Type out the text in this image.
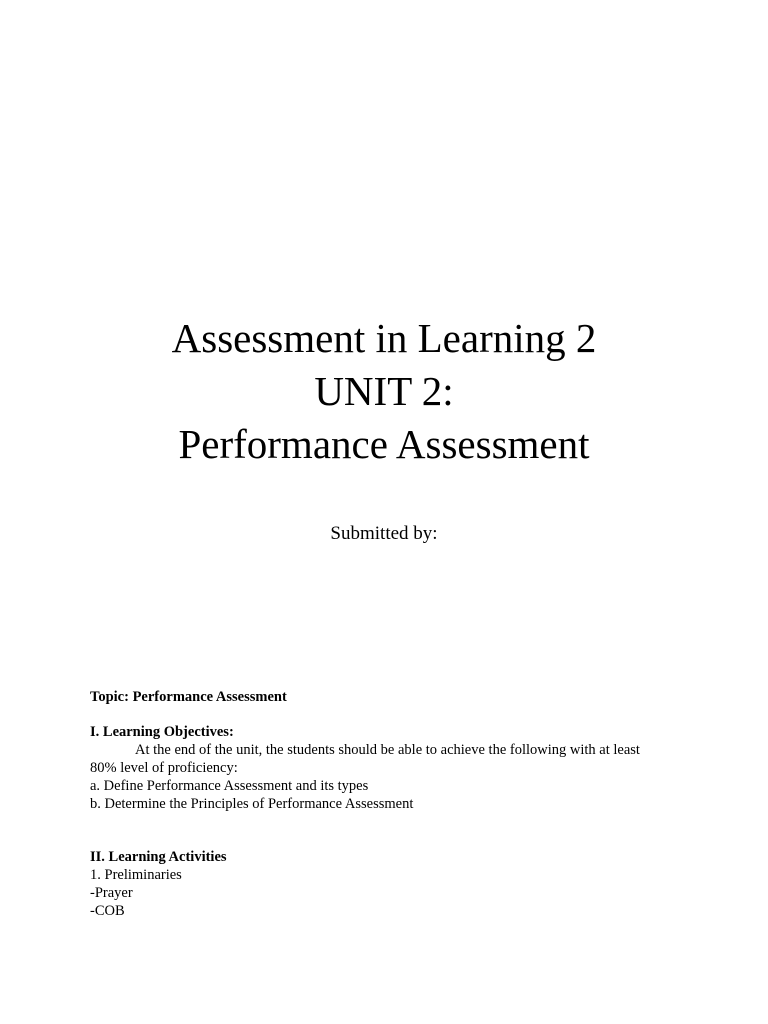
Assessment in Learning 2
UNIT 2:
Performance Assessment
Submitted by:
Topic: Performance Assessment
I. Learning Objectives:
At the end of the unit, the students should be able to achieve the following with at least
80% level of proficiency:
a. Define Performance Assessment and its types
b. Determine the Principles of Performance Assessment
II. Learning Activities
1. Preliminaries
-Prayer
-COB
